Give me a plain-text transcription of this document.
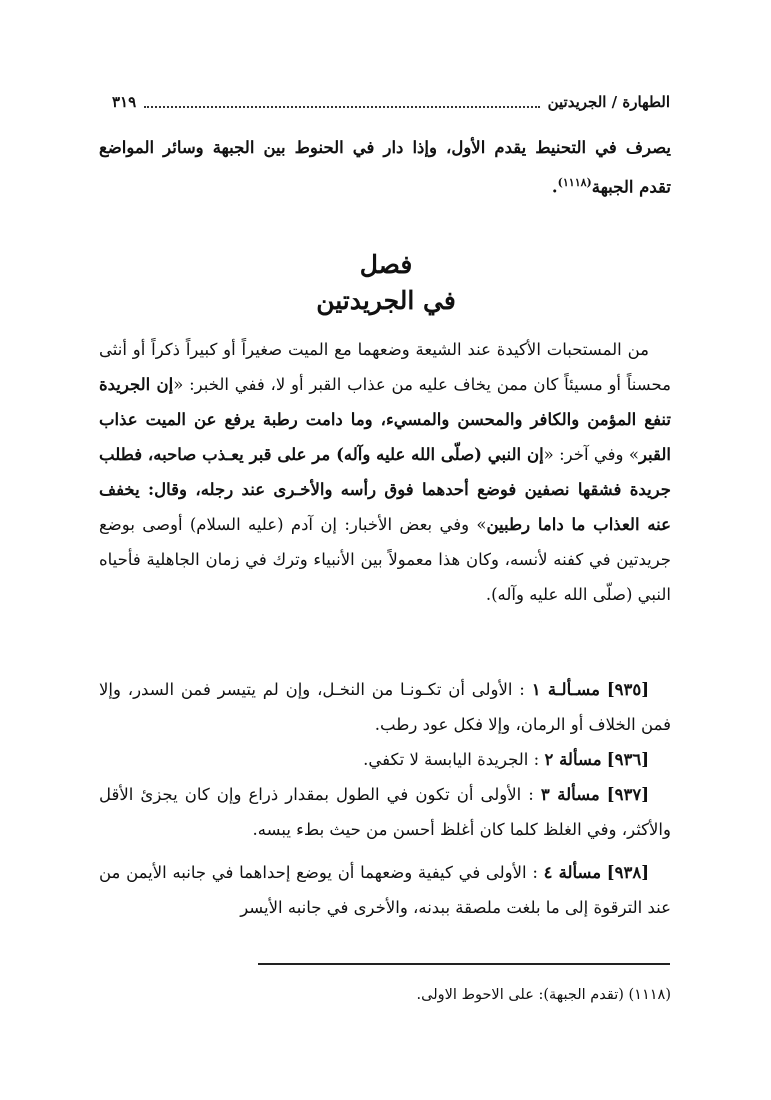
الطهارة / الجريدتين
٣١٩
يصرف في التحنيط يقدم الأول، وإذا دار في الحنوط بين الجبهة وسائر المواضع
تقدم الجبهة$^{(١١١٨)}$.
فصل
في الجريدتين
من المستحبات الأكيدة عند الشيعة وضعهما مع الميت صغيراً أو كبيراً ذكراً أو أنثى محسناً أو مسيئاً كان ممن يخاف عليه من عذاب القبر أو لا، ففي الخبر: «إن الجريدة تنفع المؤمن والكافر والمحسن والمسيء، وما دامت رطبة يرفع عن الميت عذاب القبر» وفي آخر: «إن النبي (صلّى الله عليه وآله) مر على قبر يعـذب صاحبه، فطلب جريدة فشقها نصفين فوضع أحدهما فوق رأسه والأخـرى عند رجله، وقال: يخفف عنه العذاب ما داما رطبين» وفي بعض الأخبار: إن آدم (عليه السلام) أوصى بوضع جريدتين في كفنه لأنسه، وكان هذا معمولاً بين الأنبياء وترك في زمان الجاهلية فأحياه النبي (صلّى الله عليه وآله).
[٩٣٥] مسـألـة ١ : الأولى أن تكـونـا من النخـل، وإن لم يتيسر فمن السدر، وإلا فمن الخلاف أو الرمان، وإلا فكل عود رطب.
[٩٣٦] مسألة ٢ : الجريدة اليابسة لا تكفي.
[٩٣٧] مسألة ٣ : الأولى أن تكون في الطول بمقدار ذراع وإن كان يجزئ الأقل والأكثر، وفي الغلظ كلما كان أغلظ أحسن من حيث بطء يبسه.
[٩٣٨] مسألة ٤ : الأولى في كيفية وضعهما أن يوضع إحداهما في جانبه الأيمن من عند الترقوة إلى ما بلغت ملصقة ببدنه، والأخرى في جانبه الأيسر
(١١١٨) (تقدم الجبهة): على الاحوط الاولى.
